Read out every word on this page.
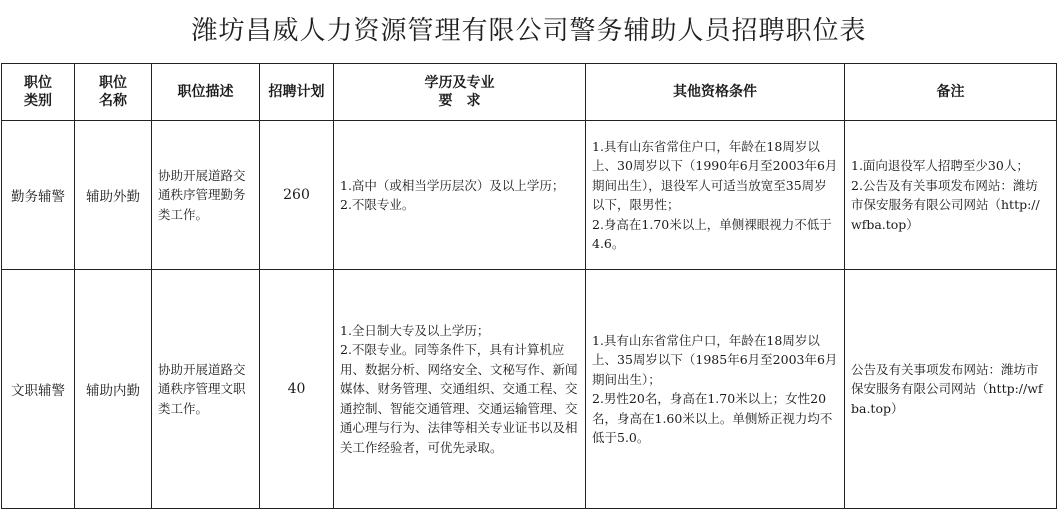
潍坊昌威人力资源管理有限公司警务辅助人员招聘职位表
职位
类别	职位
名称	职位描述	招聘计划	学历及专业
要　求	其他资格条件	备注
勤务辅警	辅助外勤	协助开展道路交通秩序管理勤务类工作。	260	1.高中（或相当学历层次）及以上学历；
2.不限专业。	1.具有山东省常住户口，年龄在18周岁以上、30周岁以下（1990年6月至2003年6月期间出生），退役军人可适当放宽至35周岁以下，限男性；
2.身高在1.70米以上，单侧裸眼视力不低于4.6。	1.面向退役军人招聘至少30人；
2.公告及有关事项发布网站：潍坊市保安服务有限公司网站（http://wfba.top）

文职辅警	辅助内勤	协助开展道路交通秩序管理文职类工作。	40	1.全日制大专及以上学历；
2.不限专业。同等条件下，具有计算机应用、数据分析、网络安全、文秘写作、新闻媒体、财务管理、交通组织、交通工程、交通控制、智能交通管理、交通运输管理、交通心理与行为、法律等相关专业证书以及相关工作经验者，可优先录取。	1.具有山东省常住户口，年龄在18周岁以上、35周岁以下（1985年6月至2003年6月期间出生）；
2.男性20名，身高在1.70米以上；女性20名，身高在1.60米以上。单侧矫正视力均不低于5.0。	公告及有关事项发布网站：潍坊市保安服务有限公司网站（http://wfba.top）
